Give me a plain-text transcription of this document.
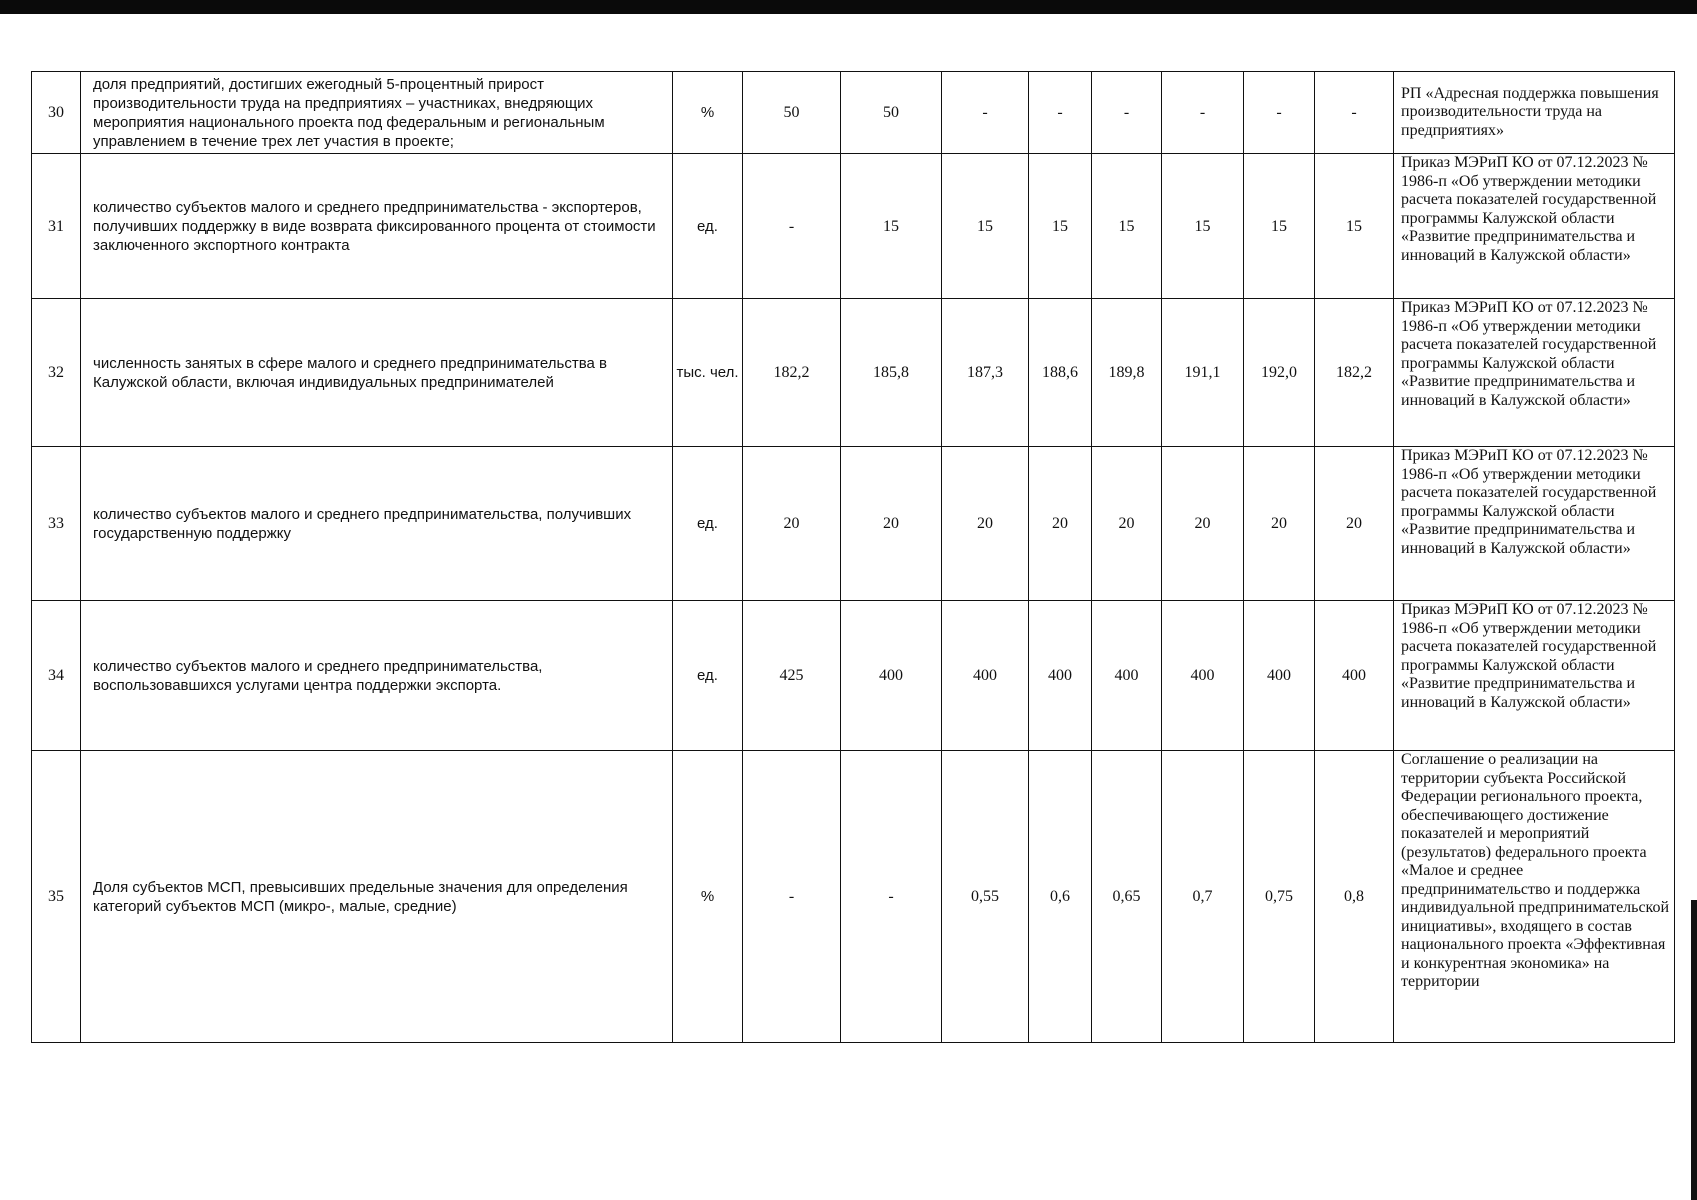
30	доля предприятий, достигших ежегодный 5-процентный прирост производительности труда на предприятиях – участниках, внедряющих мероприятия национального проекта под федеральным и региональным управлением в течение трех лет участия в проекте;	%	50	50	-	-	-	-	-	-	РП «Адресная поддержка повышения производительности труда на предприятиях»
31	количество субъектов малого и среднего предпринимательства - экспортеров, получивших поддержку в виде возврата фиксированного процента от стоимости заключенного экспортного контракта	ед.	-	15	15	15	15	15	15	15	Приказ МЭРиП КО от 07.12.2023 № 1986-п «Об утверждении методики расчета показателей государственной программы Калужской области «Развитие предпринимательства и инноваций в Калужской области»
32	численность занятых в сфере малого и среднего предпринимательства в Калужской области, включая индивидуальных предпринимателей	тыс. чел.	182,2	185,8	187,3	188,6	189,8	191,1	192,0	182,2	Приказ МЭРиП КО от 07.12.2023 № 1986-п «Об утверждении методики расчета показателей государственной программы Калужской области «Развитие предпринимательства и инноваций в Калужской области»
33	количество субъектов малого и среднего предпринимательства, получивших государственную поддержку	ед.	20	20	20	20	20	20	20	20	Приказ МЭРиП КО от 07.12.2023 № 1986-п «Об утверждении методики расчета показателей государственной программы Калужской области «Развитие предпринимательства и инноваций в Калужской области»
34	количество субъектов малого и среднего предпринимательства, воспользовавшихся услугами центра поддержки экспорта.	ед.	425	400	400	400	400	400	400	400	Приказ МЭРиП КО от 07.12.2023 № 1986-п «Об утверждении методики расчета показателей государственной программы Калужской области «Развитие предпринимательства и инноваций в Калужской области»
35	Доля субъектов МСП, превысивших предельные значения для определения категорий субъектов МСП (микро-, малые, средние)	%	-	-	0,55	0,6	0,65	0,7	0,75	0,8	Соглашение о реализации на территории субъекта Российской Федерации регионального проекта, обеспечивающего достижение показателей и мероприятий (результатов) федерального проекта «Малое и среднее предпринимательство и поддержка индивидуальной предпринимательской инициативы», входящего в состав национального проекта «Эффективная и конкурентная экономика» на территории
